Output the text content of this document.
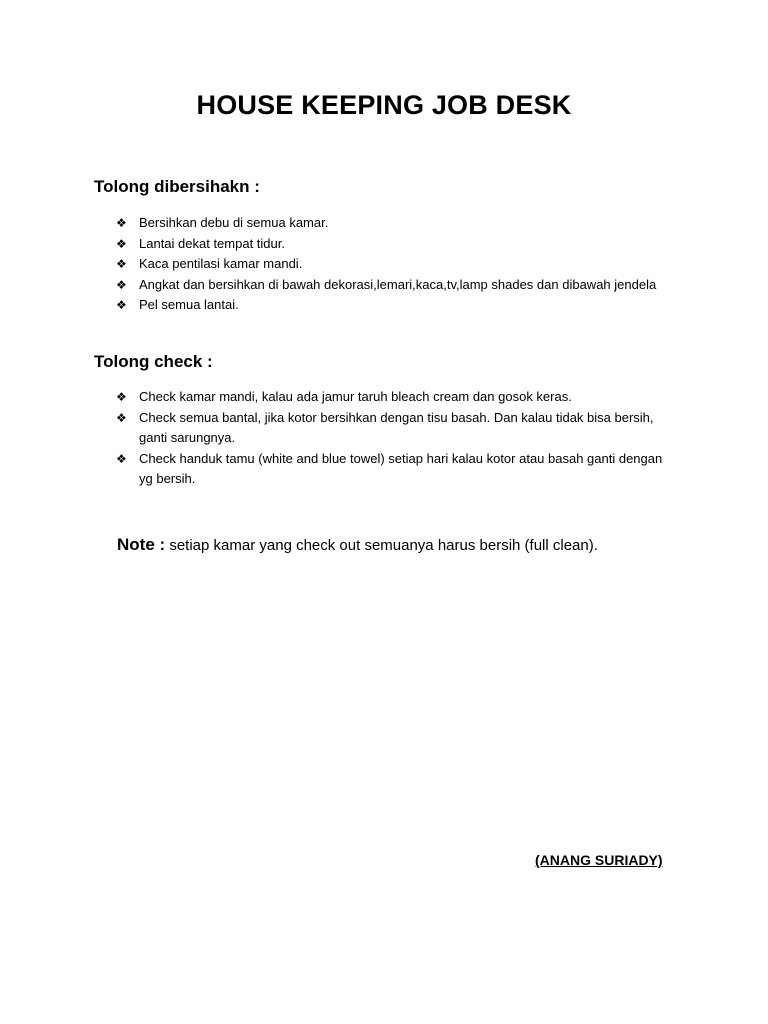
HOUSE KEEPING JOB DESK
Tolong dibersihakn :
❖ Bersihkan debu di semua kamar.
❖ Lantai dekat tempat tidur.
❖ Kaca pentilasi kamar mandi.
❖ Angkat dan bersihkan di bawah dekorasi,lemari,kaca,tv,lamp shades dan dibawah jendela
❖ Pel semua lantai.
Tolong check :
❖ Check kamar mandi, kalau ada jamur taruh bleach cream dan gosok keras.
❖ Check semua bantal, jika kotor bersihkan dengan tisu basah. Dan kalau tidak bisa bersih, ganti sarungnya.
❖ Check handuk tamu (white and blue towel) setiap hari kalau kotor atau basah ganti dengan yg bersih.
Note : setiap kamar yang check out semuanya harus bersih (full clean).
(ANANG SURIADY)
